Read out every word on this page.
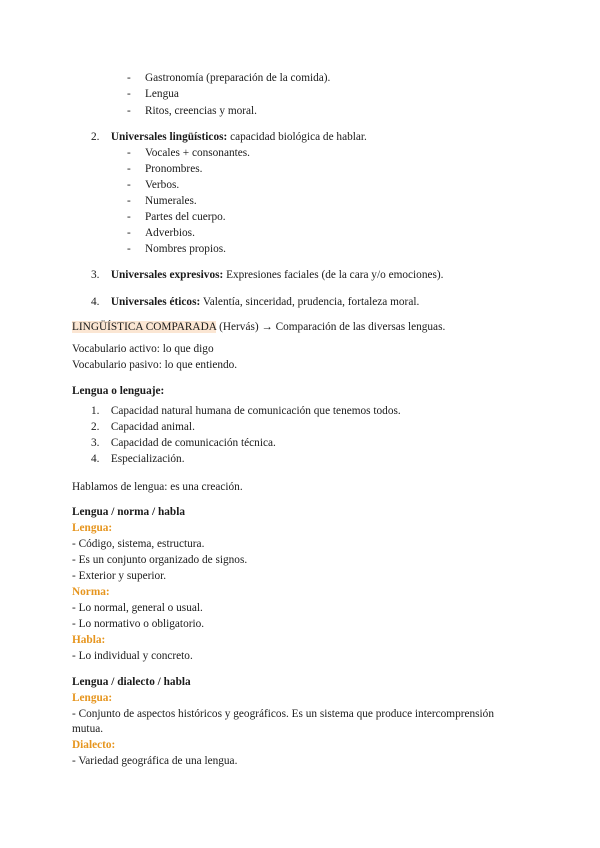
- Gastronomía (preparación de la comida).
- Lengua
- Ritos, creencias y moral.
2. Universales lingüísticos: capacidad biológica de hablar.
- Vocales + consonantes.
- Pronombres.
- Verbos.
- Numerales.
- Partes del cuerpo.
- Adverbios.
- Nombres propios.
3. Universales expresivos: Expresiones faciales (de la cara y/o emociones).
4. Universales éticos: Valentía, sinceridad, prudencia, fortaleza moral.
LINGÜÍSTICA COMPARADA (Hervás) → Comparación de las diversas lenguas.
Vocabulario activo: lo que digo
Vocabulario pasivo: lo que entiendo.
Lengua o lenguaje:
1. Capacidad natural humana de comunicación que tenemos todos.
2. Capacidad animal.
3. Capacidad de comunicación técnica.
4. Especialización.
Hablamos de lengua: es una creación.
Lengua / norma / habla
Lengua:
- Código, sistema, estructura.
- Es un conjunto organizado de signos.
- Exterior y superior.
Norma:
- Lo normal, general o usual.
- Lo normativo o obligatorio.
Habla:
- Lo individual y concreto.
Lengua / dialecto / habla
Lengua:
- Conjunto de aspectos históricos y geográficos. Es un sistema que produce intercomprensión
mutua.
Dialecto:
- Variedad geográfica de una lengua.
